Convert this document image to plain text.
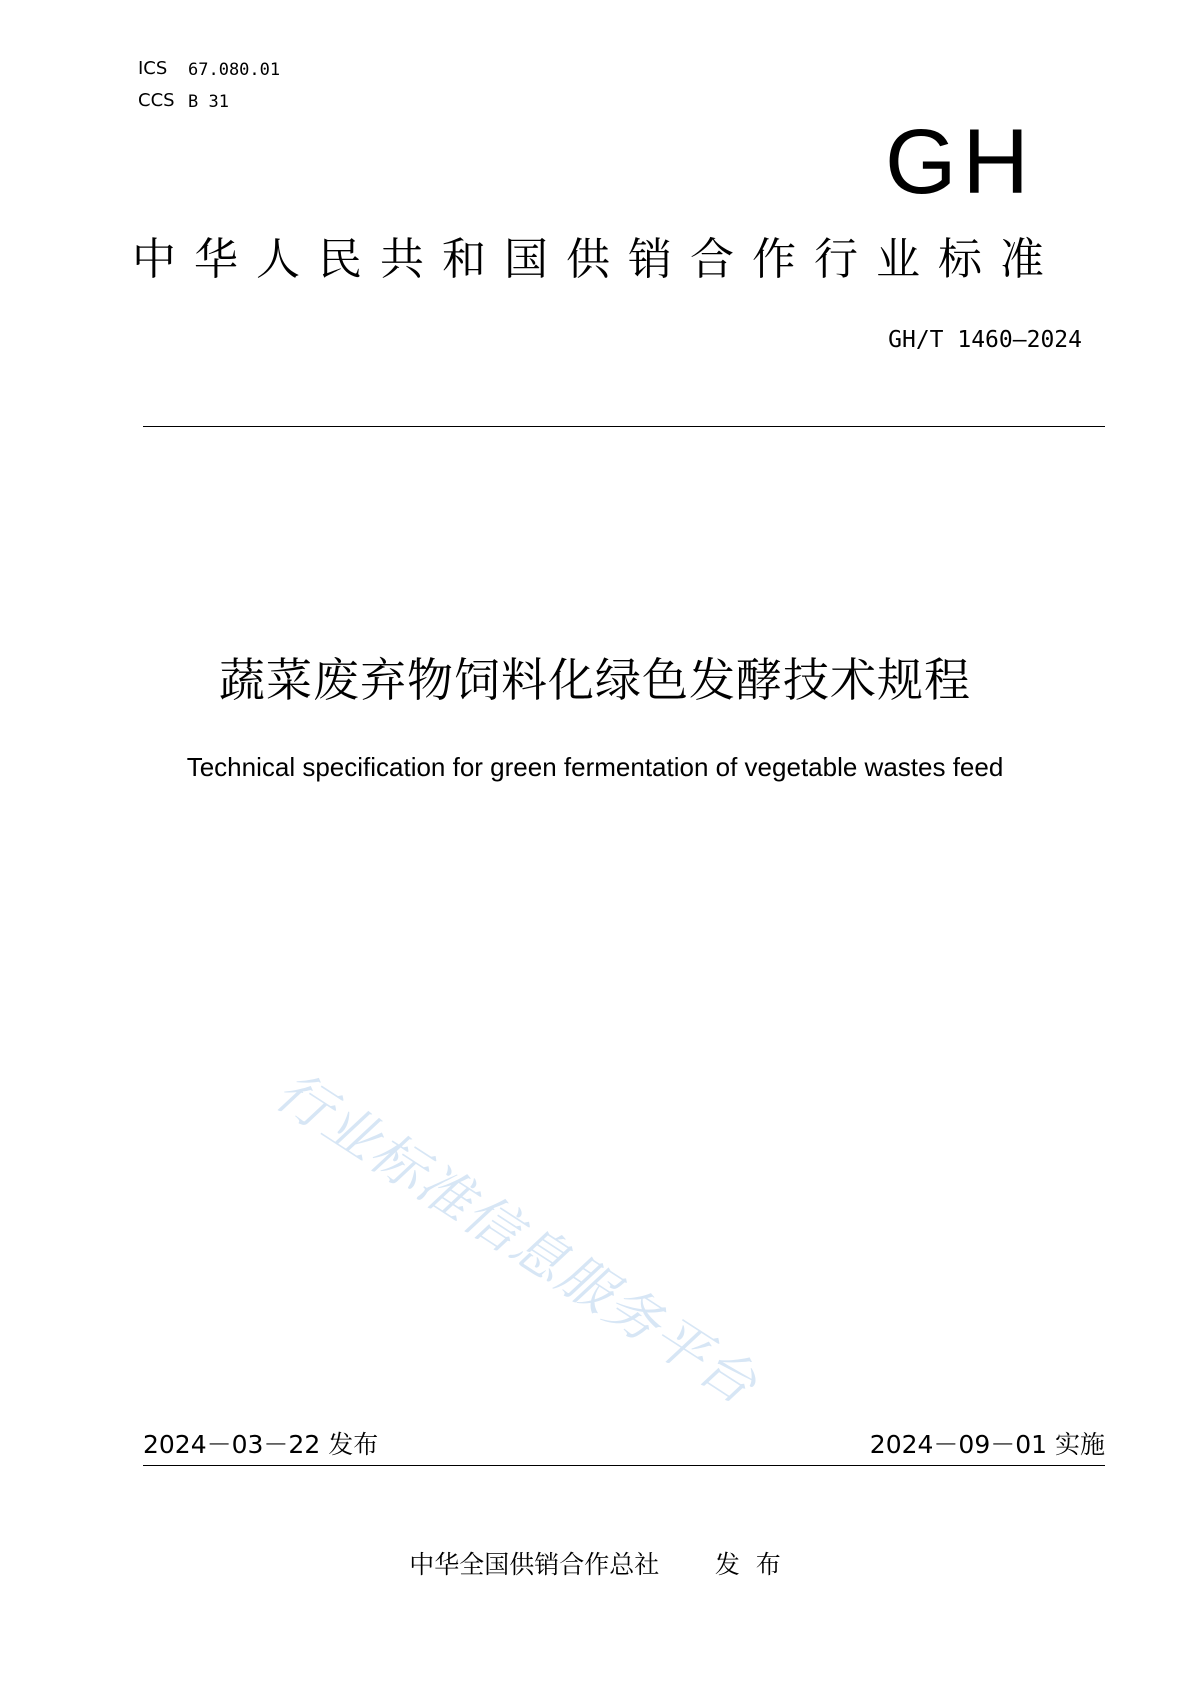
ICS 67.080.01
CCS B 31
GH
中华人民共和国供销合作行业标准
GH/T 1460—2024
蔬菜废弃物饲料化绿色发酵技术规程
Technical specification for green fermentation of vegetable wastes feed
行业标准信息服务平台
2024－03－22 发布	2024－09－01 实施
中华全国供销合作总社       发  布
